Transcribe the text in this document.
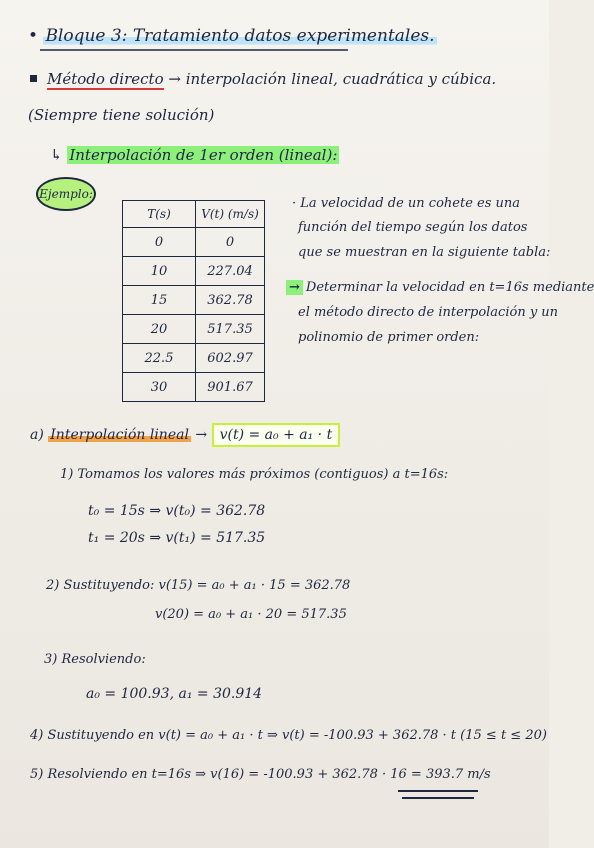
• Bloque 3: Tratamiento datos experimentales.
Método directo → interpolación lineal, cuadrática y cúbica.
(Siempre tiene solución)
↳ Interpolación de 1er orden (lineal):
Ejemplo:
T(s)	V(t) (m/s)
0	0
10	227.04
15	362.78
20	517.35
22.5	602.97
30	901.67
· La velocidad de un cohete es una
función del tiempo según los datos
que se muestran en la siguiente tabla:
→ Determinar la velocidad en t=16s mediante
el método directo de interpolación y un
polinomio de primer orden:
a) Interpolación lineal → v(t) = a₀ + a₁ · t
1) Tomamos los valores más próximos (contiguos) a t=16s:
t₀ = 15s ⇒ v(t₀) = 362.78
t₁ = 20s ⇒ v(t₁) = 517.35
2) Sustituyendo: v(15) = a₀ + a₁ · 15 = 362.78
v(20) = a₀ + a₁ · 20 = 517.35
3) Resolviendo:
a₀ = 100.93, a₁ = 30.914
4) Sustituyendo en v(t) = a₀ + a₁ · t ⇒ v(t) = -100.93 + 362.78 · t (15 ≤ t ≤ 20)
5) Resolviendo en t=16s ⇒ v(16) = -100.93 + 362.78 · 16 = 393.7 m/s
